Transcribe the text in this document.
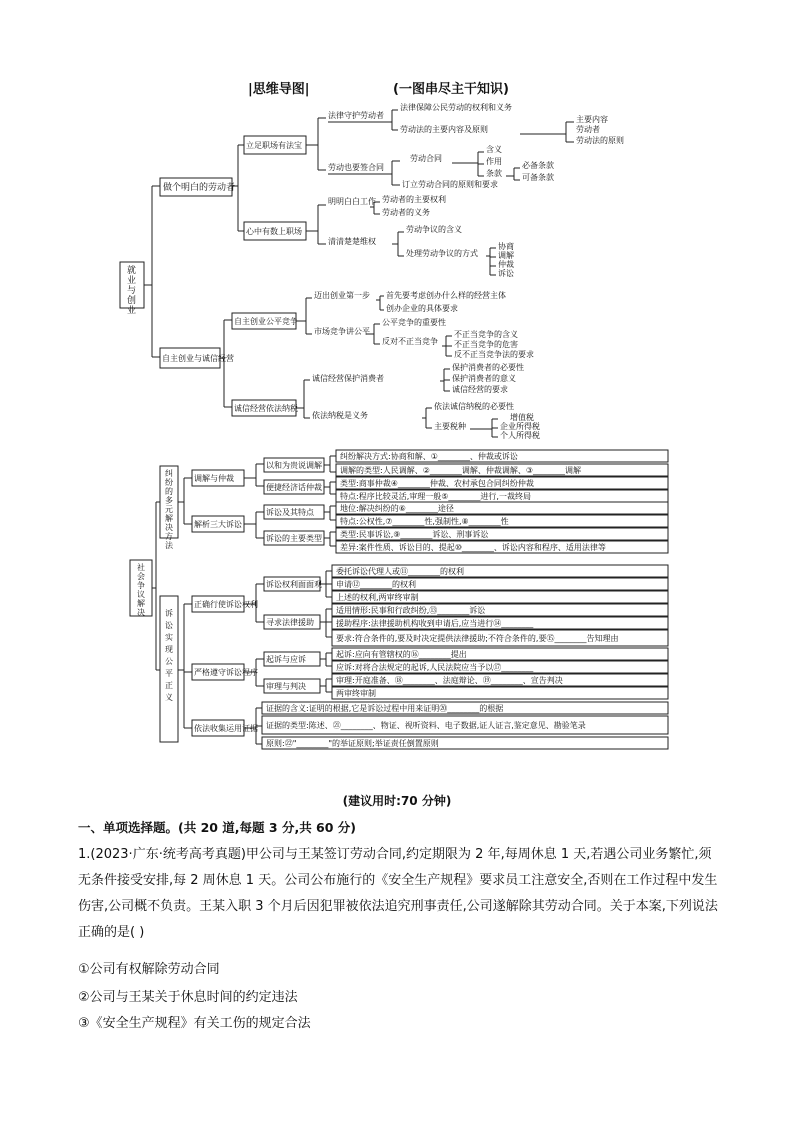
|思维导图|	(一图串尽主干知识)
就业与创业
做个明白的劳动者
自主创业与诚信经营
立足职场有法宝
心中有数上职场
法律守护劳动者
法律保障公民劳动的权利和义务
劳动法的主要内容及原则
主要内容
劳动者
劳动法的原则
劳动也要签合同
劳动合同
含义
作用
条款
必备条款
可备条款
订立劳动合同的原则和要求
明明白白工作 劳动者的主要权利
劳动者的义务
清清楚楚维权
劳动争议的含义
处理劳动争议的方式
协商
调解
仲裁
诉讼
自主创业公平竞争
诚信经营依法纳税
迈出创业第一步 首先要考虑创办什么样的经营主体
创办企业的具体要求
市场竞争讲公平
公平竞争的重要性
反对不正当竞争
不正当竞争的含义
不正当竞争的危害
反不正当竞争法的要求
诚信经营保护消费者
保护消费者的必要性
保护消费者的意义
诚信经营的要求
依法纳税是义务
依法诚信纳税的必要性
主要税种
增值税
企业所得税
个人所得税
社会争议解决
纠纷的多元解决方法
诉讼实现公平正义
调解与仲裁
解析三大诉讼
以和为贵说调解
便捷经济话仲裁
纠纷解决方式:协商和解、①________、仲裁或诉讼
调解的类型:人民调解、②________调解、仲裁调解、③________调解
类型:商事仲裁④________仲裁、农村承包合同纠纷仲裁
特点:程序比较灵活,审理一般⑤________进行,一裁终局
诉讼及其特点
诉讼的主要类型
地位:解决纠纷的⑥________途径
特点:公权性,⑦________性,强制性,⑧________性
类型:民事诉讼,⑨________诉讼、刑事诉讼
差异:案件性质、诉讼目的、提起⑩________、诉讼内容和程序、适用法律等
正确行使诉讼权利
严格遵守诉讼程序
依法收集运用证据
诉讼权利面面观
寻求法律援助
委托诉讼代理人或⑪________的权利
申请⑫________的权利
上述的权利,两审终审制
适用情形:民事和行政纠纷,⑬________诉讼
援助程序:法律援助机构收到申请后,应当进行⑭________
要求:符合条件的,要及时决定提供法律援助;不符合条件的,要⑮________告知理由
起诉与应诉
审理与判决
起诉:应向有管辖权的⑯________提出
应诉:对将合法规定的起诉,人民法院应当予以⑰________
审理:开庭准备、⑱________、法庭辩论、⑲________、宣告判决
两审终审制
证据的含义:证明的根据,它是诉讼过程中用来证明⑳________的根据
证据的类型:陈述、㉑________、物证、视听资料、电子数据,证人证言,鉴定意见、勘验笔录
原则:㉒"________"的举证原则;举证责任倒置原则
(建议用时:70 分钟)
一、单项选择题。(共 20 道,每题 3 分,共 60 分)
1.(2023·广东·统考高考真题)甲公司与王某签订劳动合同,约定期限为 2 年,每周休息 1 天,若遇公司业务繁忙,须无条件接受安排,每 2 周休息 1 天。公司公布施行的《安全生产规程》要求员工注意安全,否则在工作过程中发生伤害,公司概不负责。王某入职 3 个月后因犯罪被依法追究刑事责任,公司遂解除其劳动合同。关于本案,下列说法正确的是( )
①公司有权解除劳动合同
②公司与王某关于休息时间的约定违法
③《安全生产规程》有关工伤的规定合法
